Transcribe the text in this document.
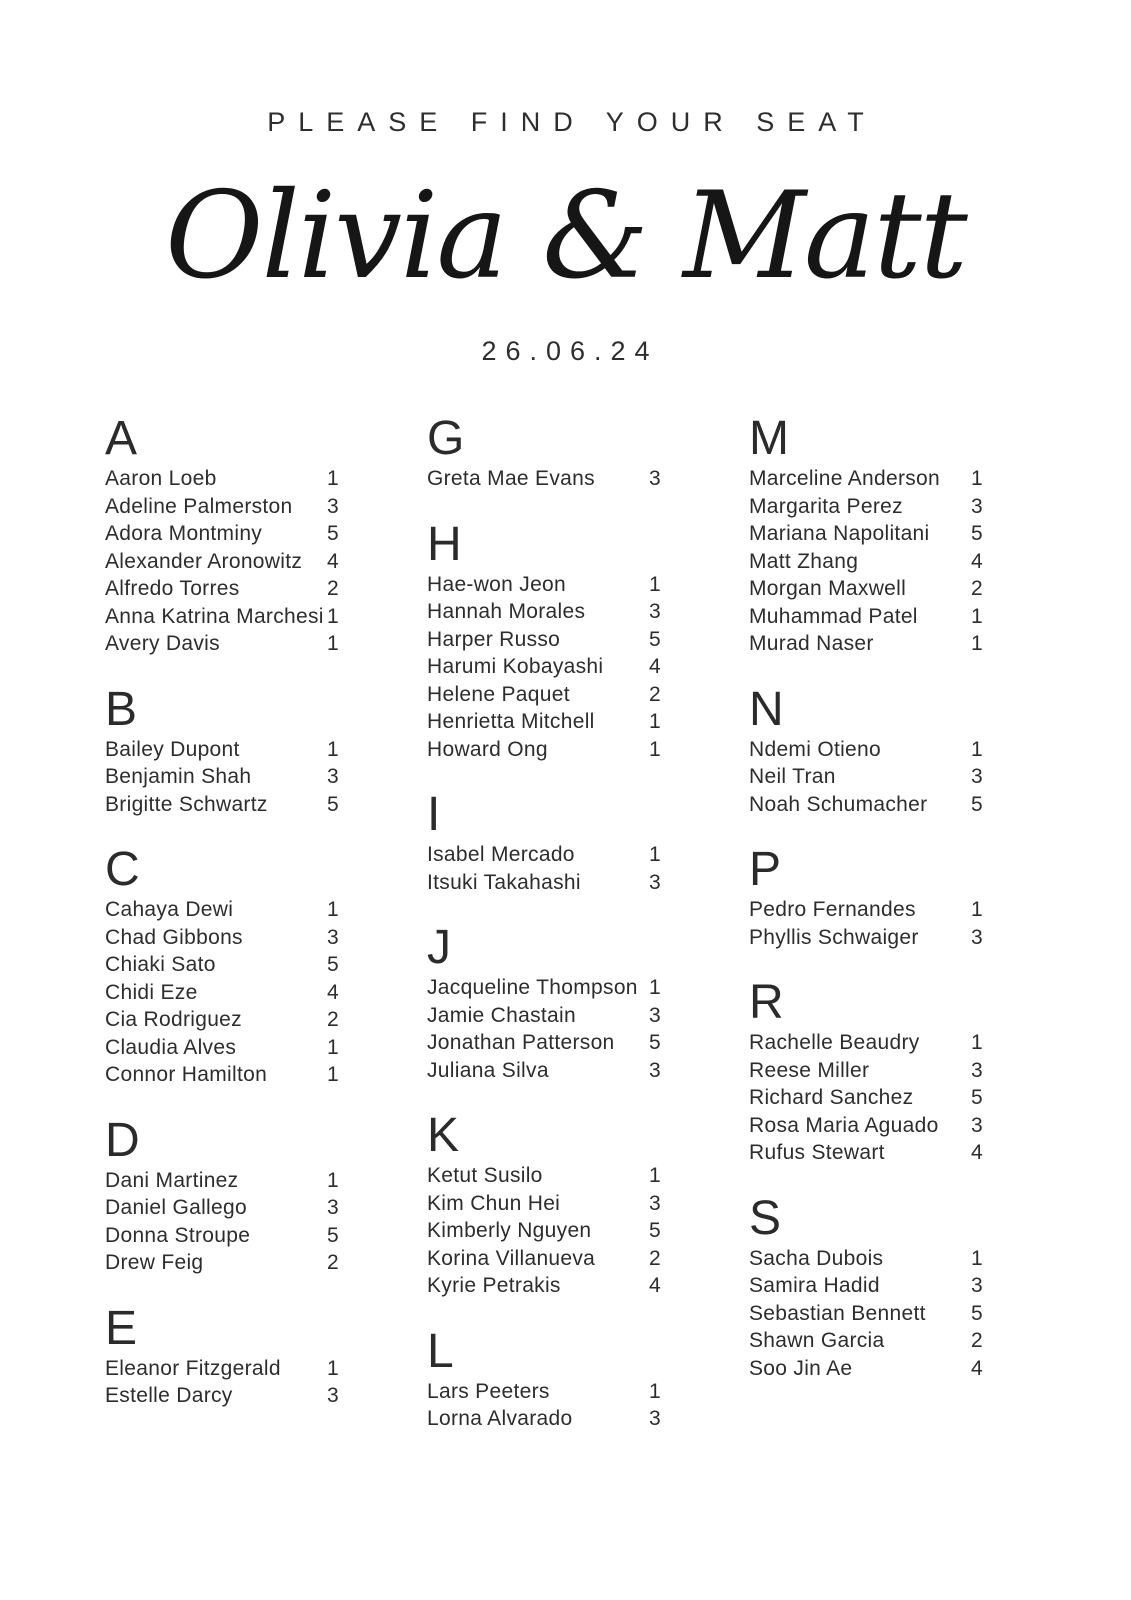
PLEASE FIND YOUR SEAT
Olivia & Matt
26.06.24
A
Aaron Loeb	1
Adeline Palmerston	3
Adora Montminy	5
Alexander Aronowitz	4
Alfredo Torres	2
Anna Katrina Marchesi 1
Avery Davis	1
B
Bailey Dupont	1
Benjamin Shah	3
Brigitte Schwartz	5
C
Cahaya Dewi	1
Chad Gibbons	3
Chiaki Sato	5
Chidi Eze	4
Cia Rodriguez	2
Claudia Alves	1
Connor Hamilton	1
D
Dani Martinez	1
Daniel Gallego	3
Donna Stroupe	5
Drew Feig	2
E
Eleanor Fitzgerald	1
Estelle Darcy	3
G
Greta Mae Evans	3
H
Hae-won Jeon	1
Hannah Morales	3
Harper Russo	5
Harumi Kobayashi	4
Helene Paquet	2
Henrietta Mitchell	1
Howard Ong	1
I
Isabel Mercado	1
Itsuki Takahashi	3
J
Jacqueline Thompson 1
Jamie Chastain	3
Jonathan Patterson	5
Juliana Silva	3
K
Ketut Susilo	1
Kim Chun Hei	3
Kimberly Nguyen	5
Korina Villanueva	2
Kyrie Petrakis	4
L
Lars Peeters	1
Lorna Alvarado	3
M
Marceline Anderson	1
Margarita Perez	3
Mariana Napolitani	5
Matt Zhang	4
Morgan Maxwell	2
Muhammad Patel	1
Murad Naser	1
N
Ndemi Otieno	1
Neil Tran	3
Noah Schumacher	5
P
Pedro Fernandes	1
Phyllis Schwaiger	3
R
Rachelle Beaudry	1
Reese Miller	3
Richard Sanchez	5
Rosa Maria Aguado	3
Rufus Stewart	4
S
Sacha Dubois	1
Samira Hadid	3
Sebastian Bennett	5
Shawn Garcia	2
Soo Jin Ae	4
